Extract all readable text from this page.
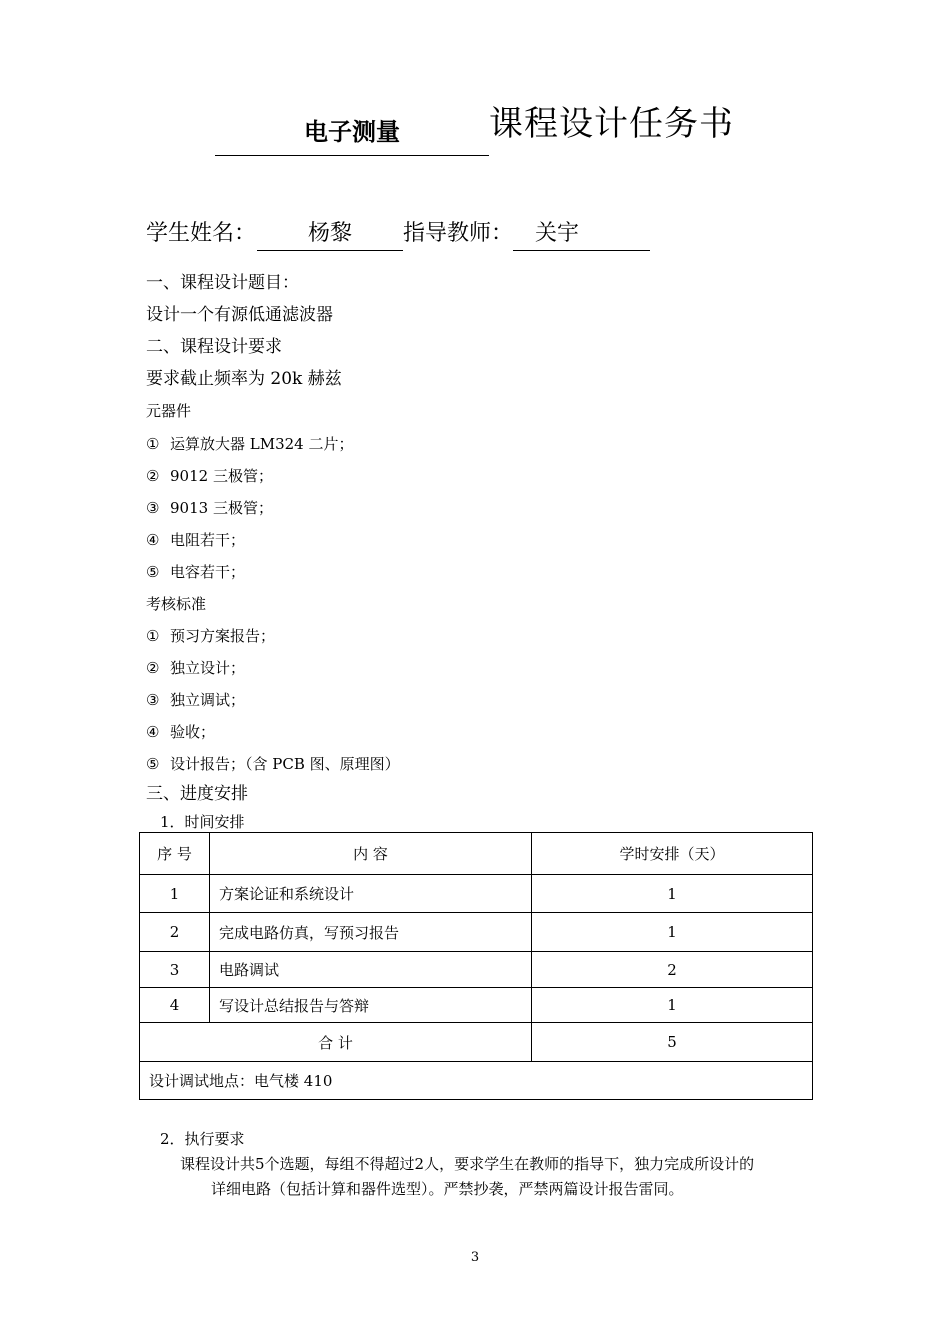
电子测量	课程设计任务书
学生姓名：	杨黎	指导教师： 关宇
一、课程设计题目：
设计一个有源低通滤波器
二、课程设计要求
要求截止频率为 20k 赫兹
元器件
① 运算放大器 LM324 二片；
② 9012 三极管；
③ 9013 三极管；
④ 电阻若干；
⑤ 电容若干；
考核标准
① 预习方案报告；
② 独立设计；
③ 独立调试；
④ 验收；
⑤ 设计报告；（含 PCB 图、原理图）
三、进度安排
1．时间安排
序 号	内 容	学时安排（天）
1	方案论证和系统设计	1
2	完成电路仿真，写预习报告	1
3	电路调试	2
4	写设计总结报告与答辩	1
合 计		5
设计调试地点：电气楼 410		
2．执行要求
课程设计共5个选题，每组不得超过2人，要求学生在教师的指导下，独力完成所设计的
详细电路（包括计算和器件选型）。严禁抄袭，严禁两篇设计报告雷同。
3
